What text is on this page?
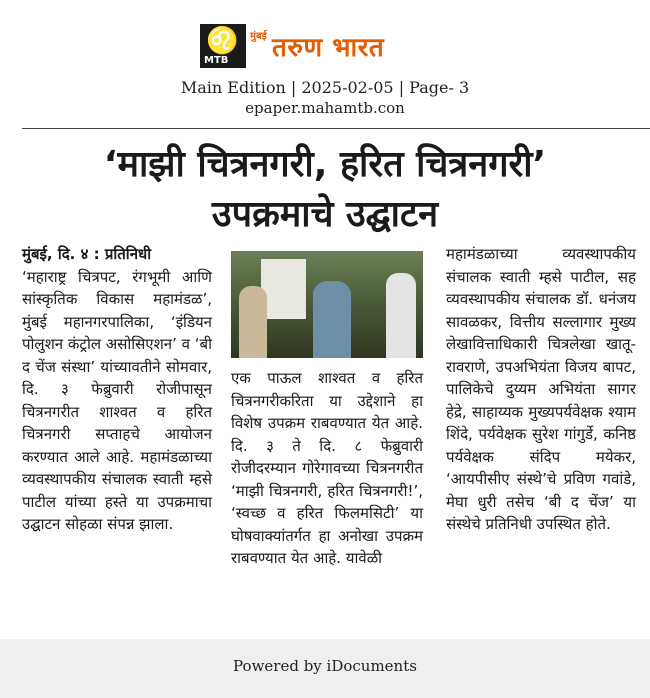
♌
MTB
मुंबई तरुण भारत
Main Edition | 2025-02-05 | Page- 3
epaper.mahamtb.con
‘माझी चित्रनगरी, हरित चित्रनगरी’
उपक्रमाचे उद्घाटन
मुंबई, दि. ४ : प्रतिनिधी
‘महाराष्ट्र चित्रपट, रंगभूमी आणि सांस्कृतिक विकास महामंडळ’, मुंबई महानगरपालिका, ‘इंडियन पोलुशन कंट्रोल असोसिएशन’ व ‘बी द चेंज संस्था’ यांच्यावतीने सोमवार, दि. ३ फेब्रुवारी रोजीपासून चित्रनगरीत शाश्वत व हरित चित्रनगरी सप्ताहचे आयोजन करण्यात आले आहे. महामंडळाच्या व्यवस्थापकीय संचालक स्वाती म्हसे पाटील यांच्या हस्ते या उपक्रमाचा उद्घाटन सोहळा संपन्न झाला.
एक पाऊल शाश्वत व हरित चित्रनगरीकरिता या उद्देशाने हा विशेष उपक्रम राबवण्यात येत आहे. दि. ३ ते दि. ८ फेब्रुवारी रोजीदरम्यान गोरेगावच्या चित्रनगरीत ‘माझी चित्रनगरी, हरित चित्रनगरी!’, ‘स्वच्छ व हरित फिलमसिटी’ या घोषवाक्यांतर्गत हा अनोखा उपक्रम राबवण्यात येत आहे. यावेळी
महामंडळाच्या व्यवस्थापकीय संचालक स्वाती म्हसे पाटील, सह व्यवस्थापकीय संचालक डॉ. धनंजय सावळकर, वित्तीय सल्लागार मुख्य लेखावित्ताधिकारी चित्रलेखा खातू-रावराणे, उपअभियंता विजय बापट, पालिकेचे दुय्यम अभियंता सागर हेद्रे, साहाय्यक मुख्यपर्यवेक्षक श्याम शिंदे, पर्यवेक्षक सुरेश गांगुर्डे, कनिष्ठ पर्यवेक्षक संदिप मयेकर, ‘आयपीसीए संस्थे’चे प्रविण गवांडे, मेघा धुरी तसेच ‘बी द चेंज’ या संस्थेचे प्रतिनिधी उपस्थित होते.
Powered by iDocuments
